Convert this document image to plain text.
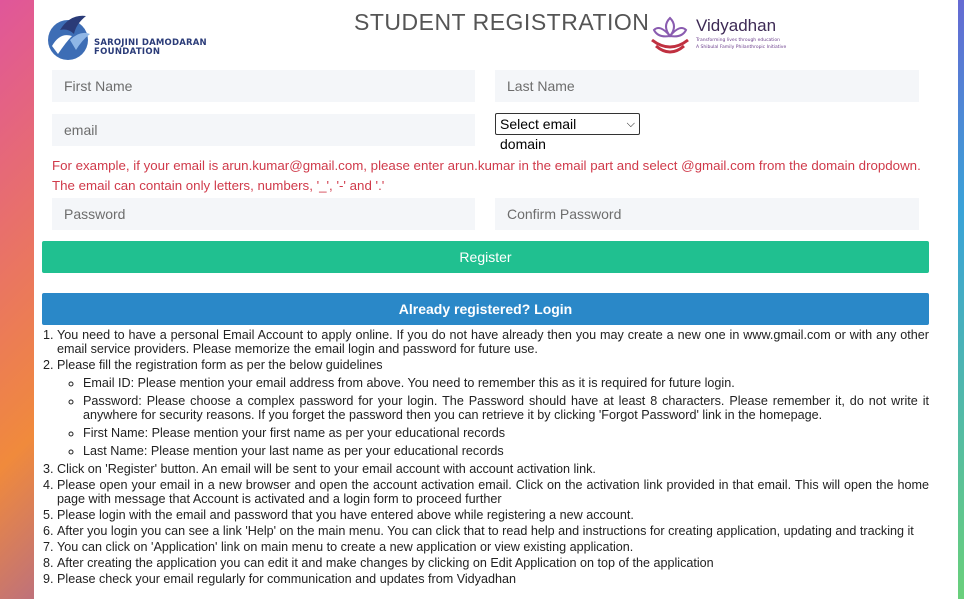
SAROJINI DAMODARAN
FOUNDATION
STUDENT REGISTRATION	Vidyadhan
Transforming lives through education
A Shibulal Family Philanthropic Initiative
First Name
Last Name
email
Select email domain
⌵
For example, if your email is arun.kumar@gmail.com, please enter arun.kumar in the email part and select @gmail.com from the domain dropdown. The email can contain only letters, numbers, '_', '-' and '.'
Register
Already registered? Login
1. You need to have a personal Email Account to apply online. If you do not have already then you may create a new one in www.gmail.com or with any other email service providers. Please memorize the email login and password for future use.
2. Please fill the registration form as per the below guidelines
◦ Email ID: Please mention your email address from above. You need to remember this as it is required for future login.
◦ Password: Please choose a complex password for your login. The Password should have at least 8 characters. Please remember it, do not write it anywhere for security reasons. If you forget the password then you can retrieve it by clicking 'Forgot Password' link in the homepage.
◦ First Name: Please mention your first name as per your educational records
◦ Last Name: Please mention your last name as per your educational records
3. Click on 'Register' button. An email will be sent to your email account with account activation link.
4. Please open your email in a new browser and open the account activation email. Click on the activation link provided in that email. This will open the home page with message that Account is activated and a login form to proceed further
5. Please login with the email and password that you have entered above while registering a new account.
6. After you login you can see a link 'Help' on the main menu. You can click that to read help and instructions for creating application, updating and tracking it
7. You can click on 'Application' link on main menu to create a new application or view existing application.
8. After creating the application you can edit it and make changes by clicking on Edit Application on top of the application
9. Please check your email regularly for communication and updates from Vidyadhan
